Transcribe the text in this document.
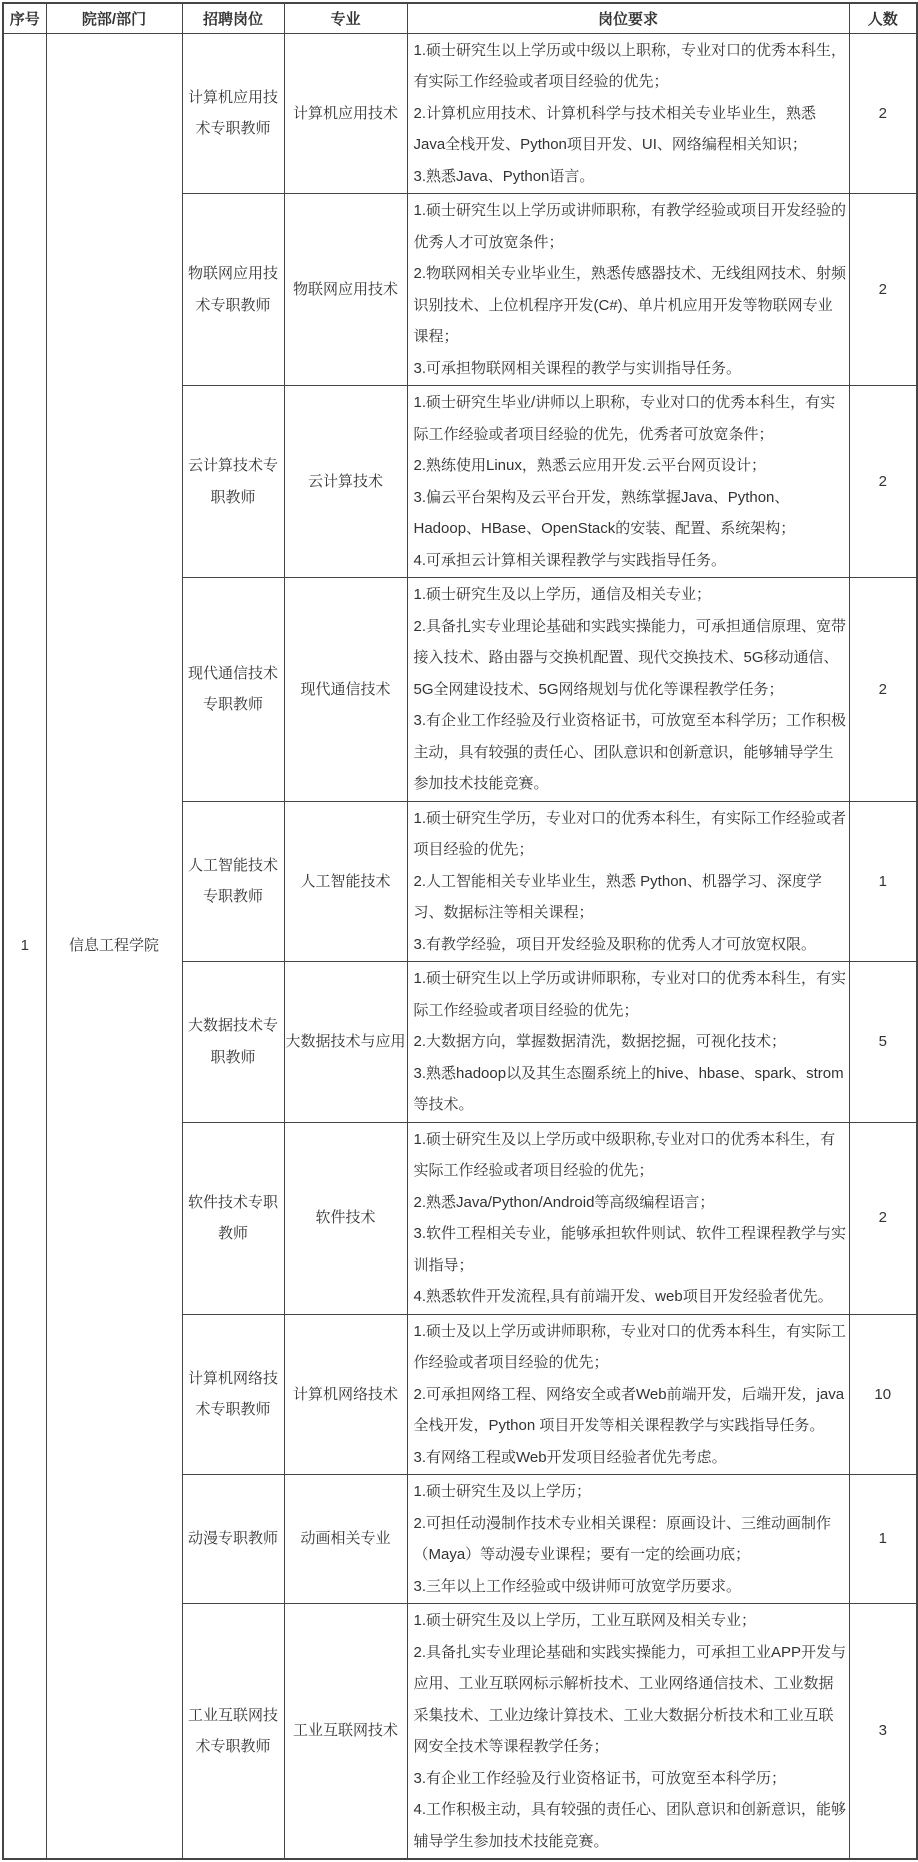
序号	院部/部门	招聘岗位	专业	岗位要求	人数
1	信息工程学院	计算机应用技术专职教师	计算机应用技术	1.硕士研究生以上学历或中级以上职称，专业对口的优秀本科生，有实际工作经验或者项目经验的优先；
2.计算机应用技术、计算机科学与技术相关专业毕业生，熟悉Java全栈开发、Python项目开发、UI、网络编程相关知识；
3.熟悉Java、Python语言。	2
		物联网应用技术专职教师	物联网应用技术	1.硕士研究生以上学历或讲师职称，有教学经验或项目开发经验的优秀人才可放宽条件；
2.物联网相关专业毕业生，熟悉传感器技术、无线组网技术、射频识别技术、上位机程序开发(C#)、单片机应用开发等物联网专业课程；
3.可承担物联网相关课程的教学与实训指导任务。	2
		云计算技术专职教师	云计算技术	1.硕士研究生毕业/讲师以上职称，专业对口的优秀本科生，有实际工作经验或者项目经验的优先，优秀者可放宽条件；
2.熟练使用Linux，熟悉云应用开发.云平台网页设计；
3.偏云平台架构及云平台开发，熟练掌握Java、Python、Hadoop、HBase、OpenStack的安装、配置、系统架构；
4.可承担云计算相关课程教学与实践指导任务。	2
		现代通信技术专职教师	现代通信技术	1.硕士研究生及以上学历，通信及相关专业；
2.具备扎实专业理论基础和实践实操能力，可承担通信原理、宽带接入技术、路由器与交换机配置、现代交换技术、5G移动通信、5G全网建设技术、5G网络规划与优化等课程教学任务；
3.有企业工作经验及行业资格证书，可放宽至本科学历；工作积极主动，具有较强的责任心、团队意识和创新意识，能够辅导学生参加技术技能竞赛。	2
		人工智能技术专职教师	人工智能技术	1.硕士研究生学历，专业对口的优秀本科生，有实际工作经验或者项目经验的优先；
2.人工智能相关专业毕业生，熟悉 Python、机器学习、深度学习、数据标注等相关课程；
3.有教学经验，项目开发经验及职称的优秀人才可放宽权限。	1
		大数据技术专职教师	大数据技术与应用	1.硕士研究生以上学历或讲师职称，专业对口的优秀本科生，有实际工作经验或者项目经验的优先；
2.大数据方向，掌握数据清洗，数据挖掘，可视化技术；
3.熟悉hadoop以及其生态圈系统上的hive、hbase、spark、strom等技术。	5
		软件技术专职教师	软件技术	1.硕士研究生及以上学历或中级职称,专业对口的优秀本科生，有实际工作经验或者项目经验的优先；
2.熟悉Java/Python/Android等高级编程语言；
3.软件工程相关专业，能够承担软件则试、软件工程课程教学与实训指导；
4.熟悉软件开发流程,具有前端开发、web项目开发经验者优先。	2
		计算机网络技术专职教师	计算机网络技术	1.硕士及以上学历或讲师职称，专业对口的优秀本科生，有实际工作经验或者项目经验的优先；
2.可承担网络工程、网络安全或者Web前端开发，后端开发，java全栈开发，Python 项目开发等相关课程教学与实践指导任务。
3.有网络工程或Web开发项目经验者优先考虑。	10
		动漫专职教师	动画相关专业	1.硕士研究生及以上学历；
2.可担任动漫制作技术专业相关课程：原画设计、三维动画制作（Maya）等动漫专业课程；要有一定的绘画功底；
3.三年以上工作经验或中级讲师可放宽学历要求。	1
		工业互联网技术专职教师	工业互联网技术	1.硕士研究生及以上学历，工业互联网及相关专业；
2.具备扎实专业理论基础和实践实操能力，可承担工业APP开发与应用、工业互联网标示解析技术、工业网络通信技术、工业数据采集技术、工业边缘计算技术、工业大数据分析技术和工业互联网安全技术等课程教学任务；
3.有企业工作经验及行业资格证书，可放宽至本科学历；
4.工作积极主动，具有较强的责任心、团队意识和创新意识，能够辅导学生参加技术技能竞赛。	3
